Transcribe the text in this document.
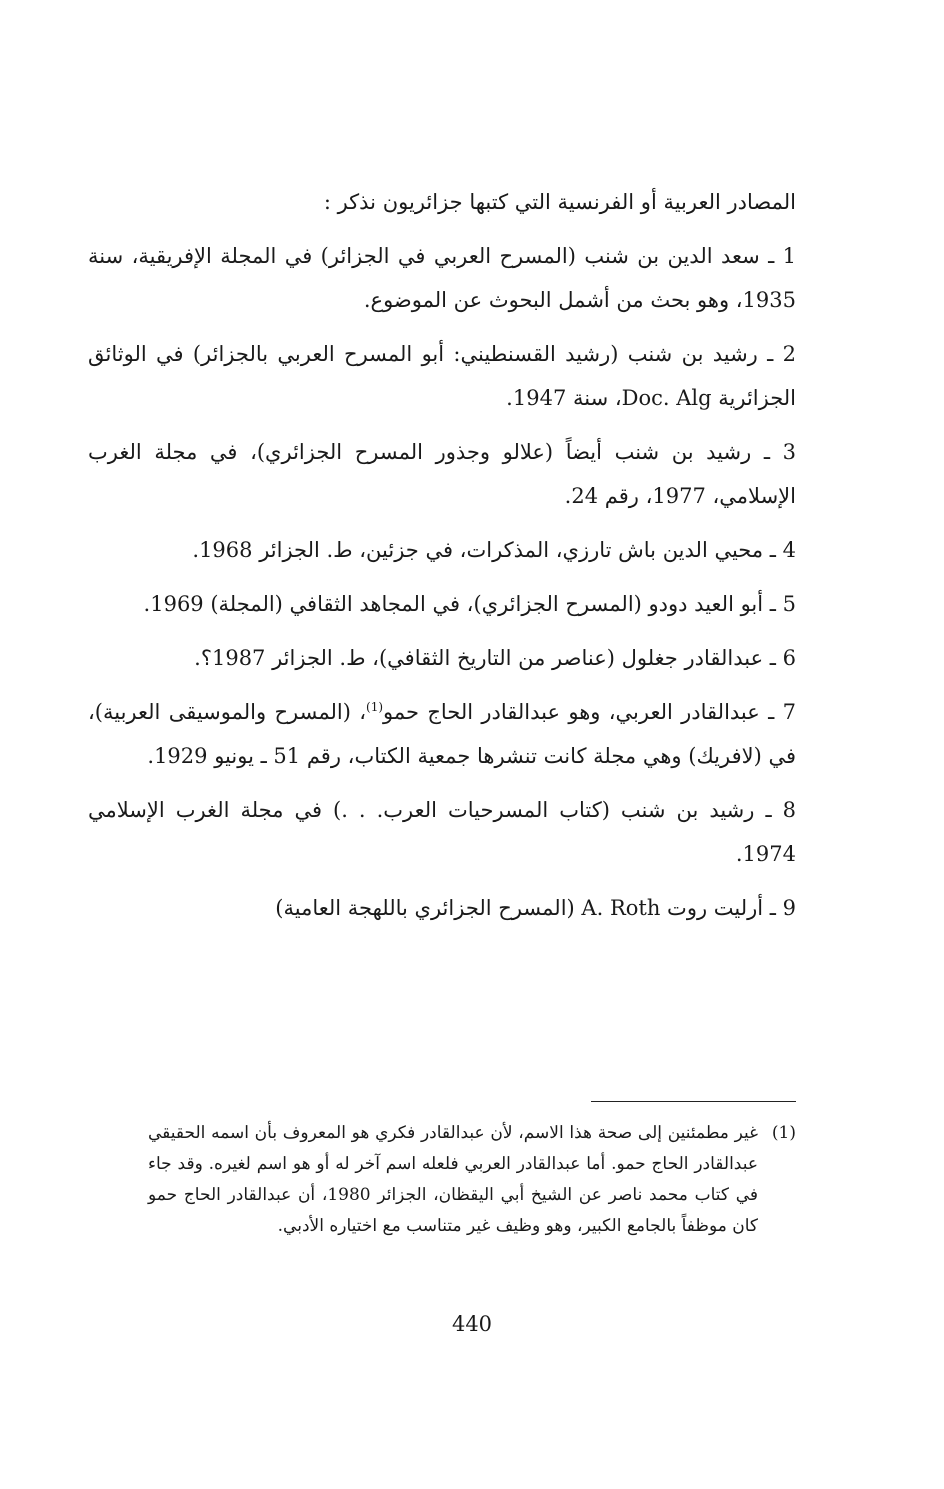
المصادر العربية أو الفرنسية التي كتبها جزائريون نذكر :

1 ـ سعد الدين بن شنب (المسرح العربي في الجزائر) في المجلة الإفريقية، سنة 1935، وهو بحث من أشمل البحوث عن الموضوع.

2 ـ رشيد بن شنب (رشيد القسنطيني: أبو المسرح العربي بالجزائر) في الوثائق الجزائرية Doc. Alg، سنة 1947.

3 ـ رشيد بن شنب أيضاً (علالو وجذور المسرح الجزائري)، في مجلة الغرب الإسلامي، 1977، رقم 24.

4 ـ محيي الدين باش تارزي، المذكرات، في جزئين، ط. الجزائر 1968.

5 ـ أبو العيد دودو (المسرح الجزائري)، في المجاهد الثقافي (المجلة) 1969.

6 ـ عبدالقادر جغلول (عناصر من التاريخ الثقافي)، ط. الجزائر 1987؟.

7 ـ عبدالقادر العربي، وهو عبدالقادر الحاج حمو$^{(1)}$، (المسرح والموسيقى العربية)، في (لافريك) وهي مجلة كانت تنشرها جمعية الكتاب، رقم 51 ـ يونيو 1929.

8 ـ رشيد بن شنب (كتاب المسرحيات العرب. . .) في مجلة الغرب الإسلامي 1974.

9 ـ أرليت روت A. Roth (المسرح الجزائري باللهجة العامية)

(1)
غير مطمئنين إلى صحة هذا الاسم، لأن عبدالقادر فكري هو المعروف بأن اسمه الحقيقي عبدالقادر الحاج حمو. أما عبدالقادر العربي فلعله اسم آخر له أو هو اسم لغيره. وقد جاء في كتاب محمد ناصر عن الشيخ أبي اليقظان، الجزائر 1980، أن عبدالقادر الحاج حمو كان موظفاً بالجامع الكبير، وهو وظيف غير متناسب مع اختياره الأدبي.
440
